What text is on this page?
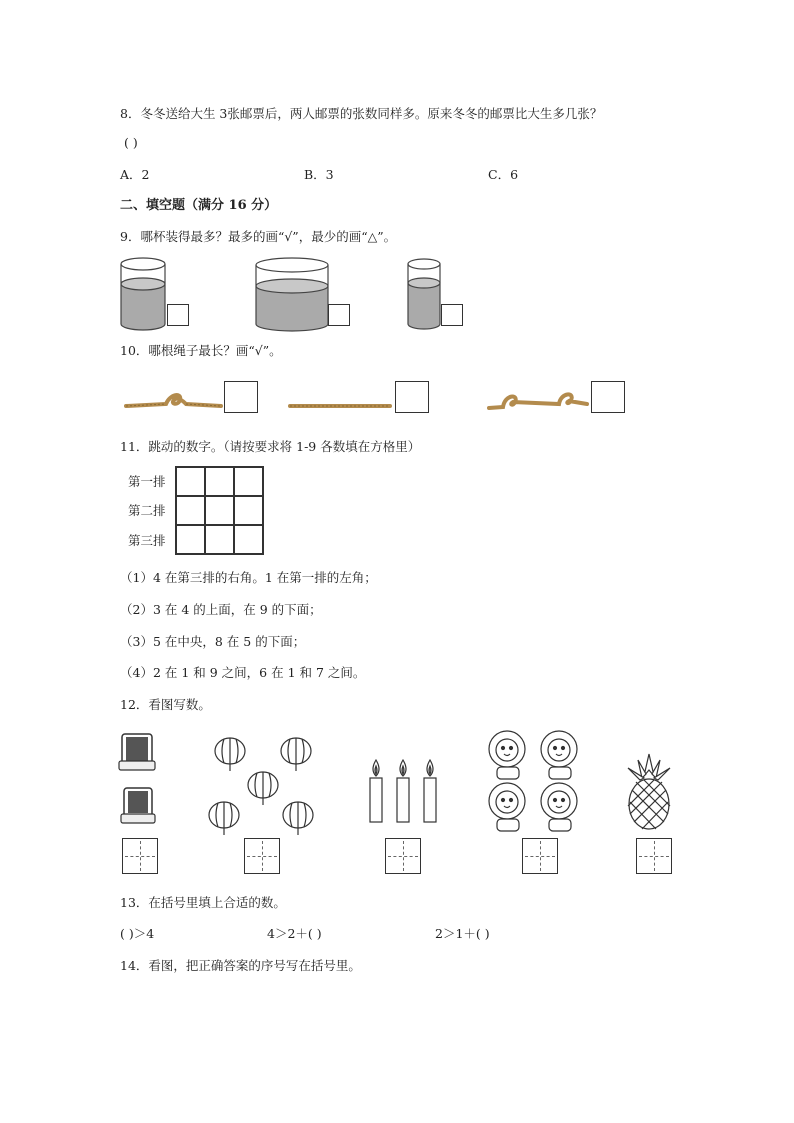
8．冬冬送给大生 3张邮票后，两人邮票的张数同样多。原来冬冬的邮票比大生多几张？
( )
A．2	B．3	C．6
二、填空题（满分 16 分）
9．哪杯装得最多？最多的画“√”，最少的画“△”。
10．哪根绳子最长？画“√”。
11．跳动的数字。（请按要求将 1-9 各数填在方格里）
第一排
第二排
第三排
（1）4 在第三排的右角。1 在第一排的左角；
（2）3 在 4 的上面，在 9 的下面；
（3）5 在中央，8 在 5 的下面；
（4）2 在 1 和 9 之间，6 在 1 和 7 之间。
12．看图写数。
13．在括号里填上合适的数。
( )＞4	4＞2＋( )	2＞1＋( )
14．看图，把正确答案的序号写在括号里。
